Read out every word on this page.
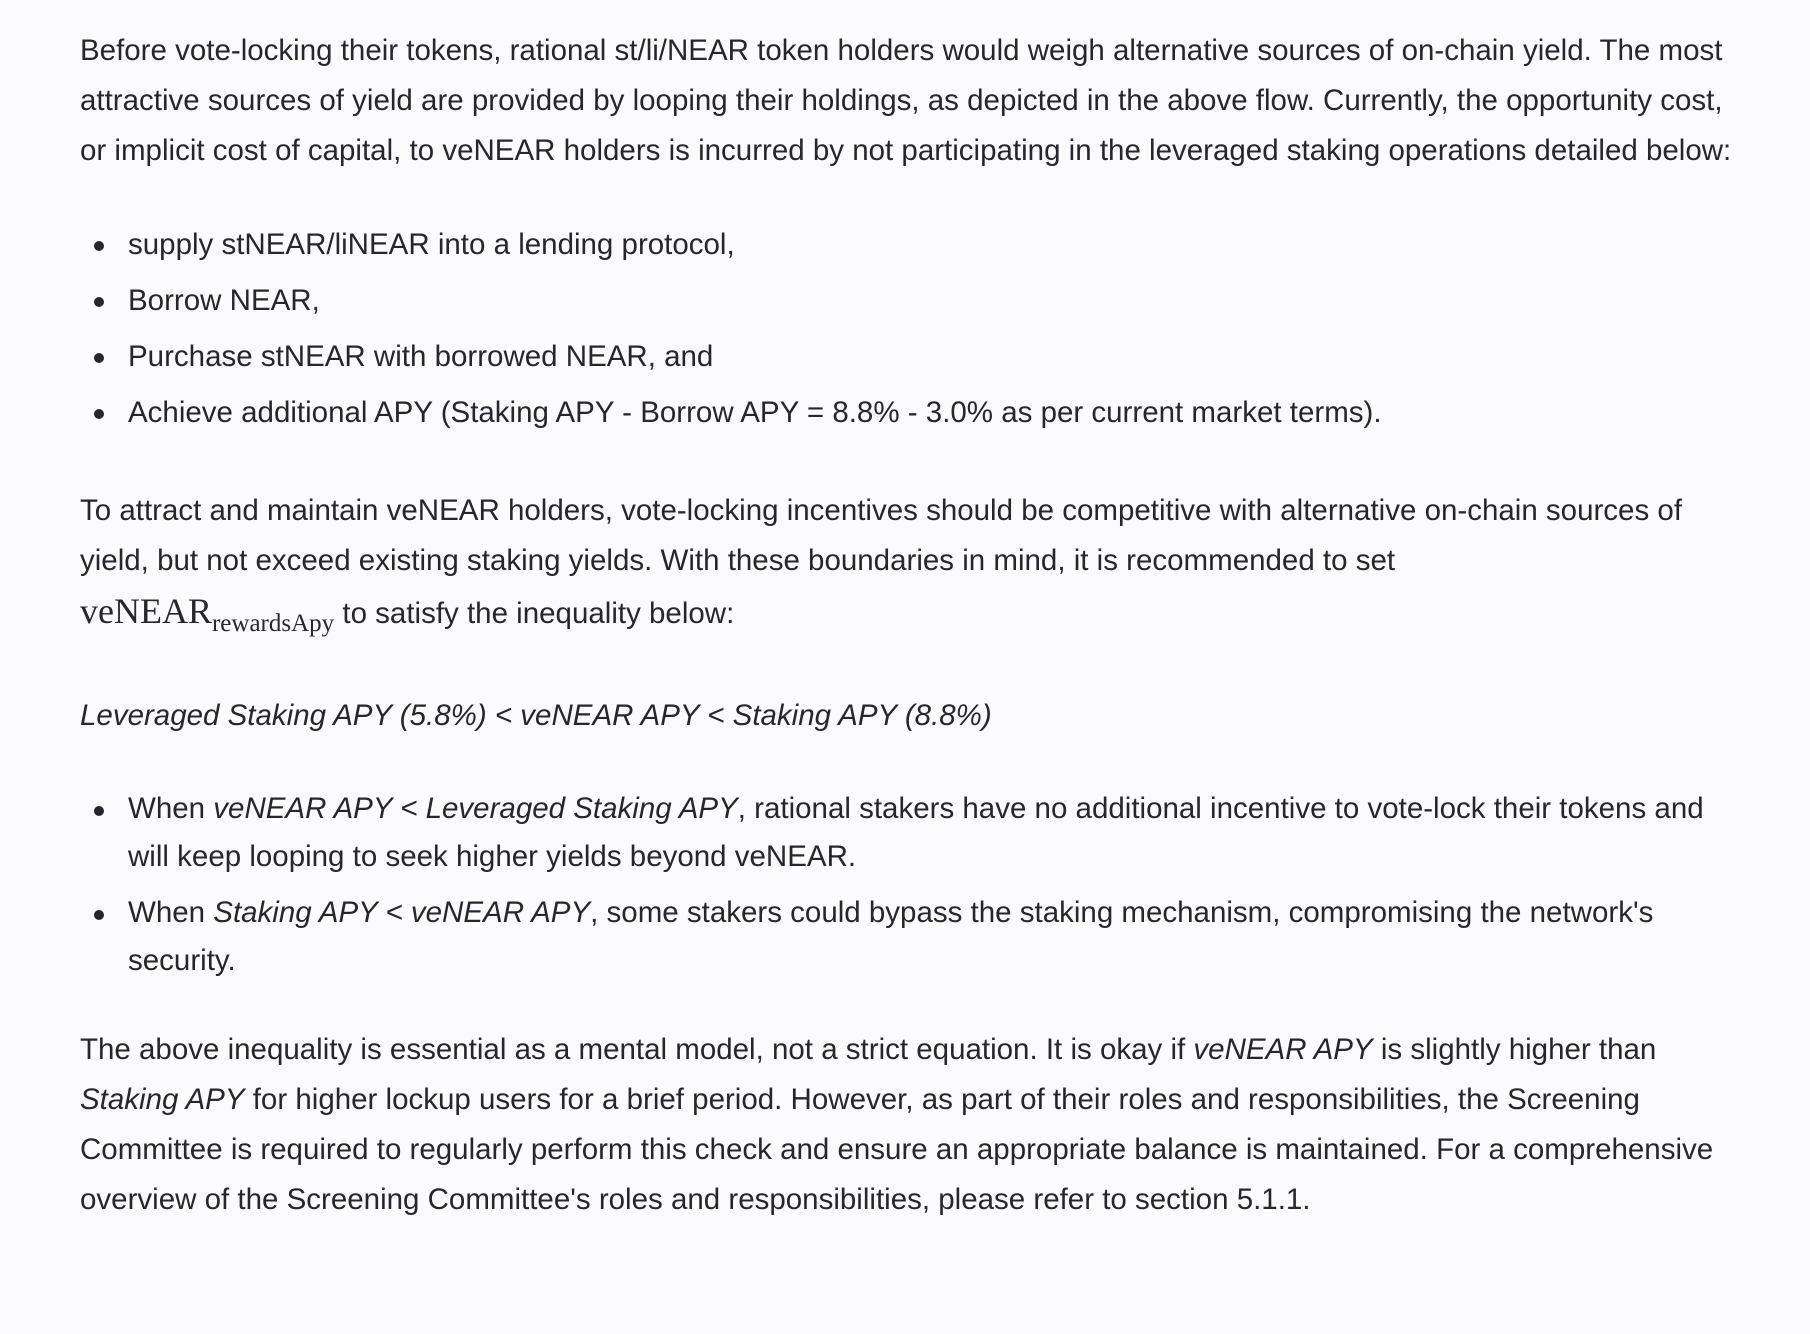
Before vote-locking their tokens, rational st/li/NEAR token holders would weigh alternative sources of on-chain yield. The most attractive sources of yield are provided by looping their holdings, as depicted in the above flow. Currently, the opportunity cost, or implicit cost of capital, to veNEAR holders is incurred by not participating in the leveraged staking operations detailed below:

supply stNEAR/liNEAR into a lending protocol,
Borrow NEAR,
Purchase stNEAR with borrowed NEAR, and
Achieve additional APY (Staking APY - Borrow APY = 8.8% - 3.0% as per current market terms).

To attract and maintain veNEAR holders, vote-locking incentives should be competitive with alternative on-chain sources of yield, but not exceed existing staking yields. With these boundaries in mind, it is recommended to set
veNEAR$_{rewardsApy}$ to satisfy the inequality below:

Leveraged Staking APY (5.8%) < veNEAR APY < Staking APY (8.8%)

When veNEAR APY < Leveraged Staking APY, rational stakers have no additional incentive to vote-lock their tokens and will keep looping to seek higher yields beyond veNEAR.
When Staking APY < veNEAR APY, some stakers could bypass the staking mechanism, compromising the network's security.

The above inequality is essential as a mental model, not a strict equation. It is okay if veNEAR APY is slightly higher than Staking APY for higher lockup users for a brief period. However, as part of their roles and responsibilities, the Screening Committee is required to regularly perform this check and ensure an appropriate balance is maintained. For a comprehensive overview of the Screening Committee's roles and responsibilities, please refer to section 5.1.1.
